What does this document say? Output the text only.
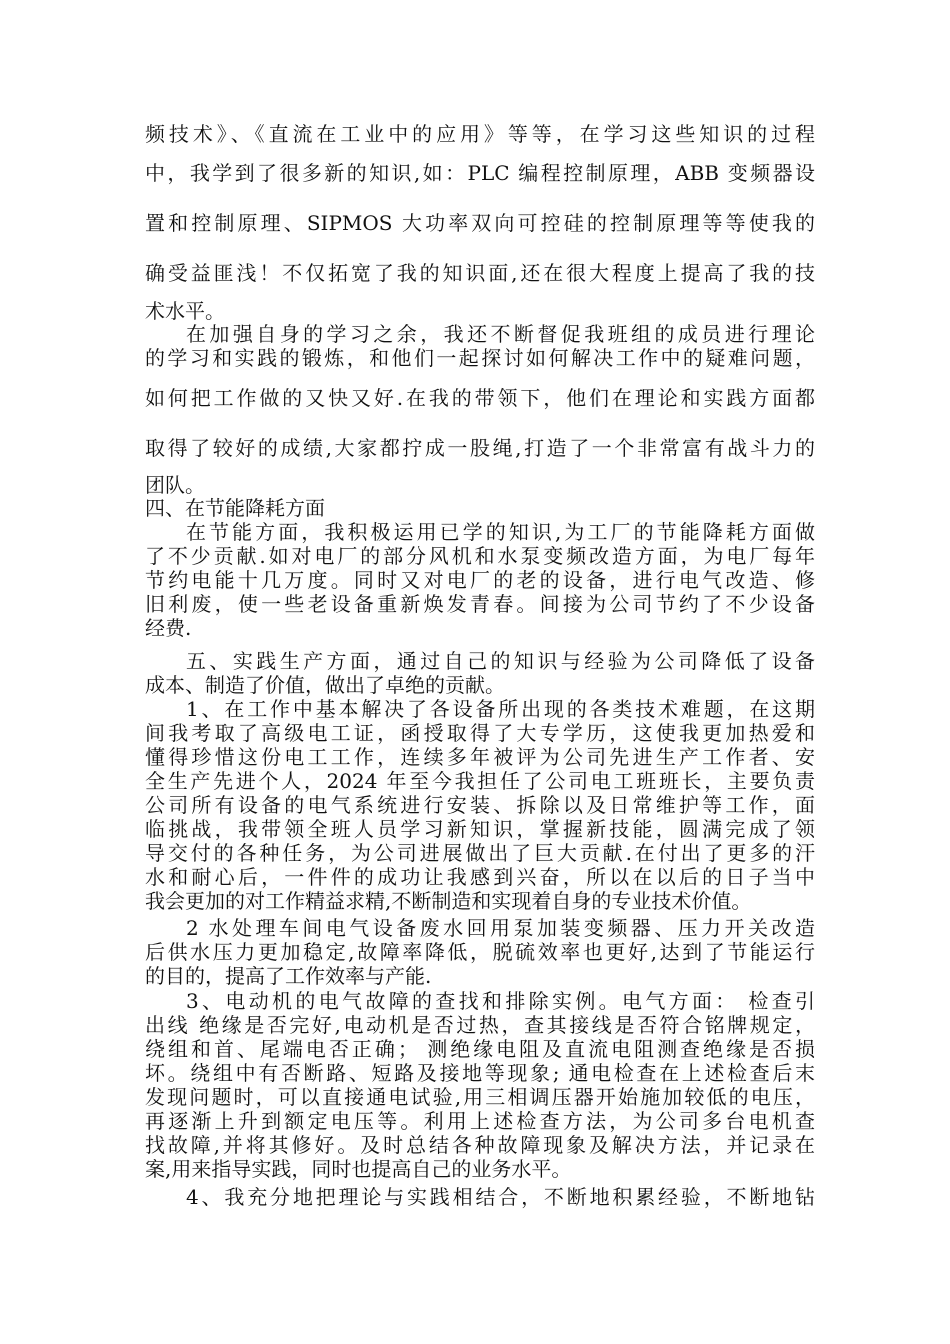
频技术》、《直流在工业中的应用》等等，在学习这些知识的过程
中，我学到了很多新的知识,如：PLC 编程控制原理，ABB 变频器设
置和控制原理、SIPMOS 大功率双向可控硅的控制原理等等使我的
确受益匪浅！不仅拓宽了我的知识面,还在很大程度上提高了我的技
术水平。
在加强自身的学习之余，我还不断督促我班组的成员进行理论
的学习和实践的锻炼，和他们一起探讨如何解决工作中的疑难问题，
如何把工作做的又快又好.在我的带领下，他们在理论和实践方面都
取得了较好的成绩,大家都拧成一股绳,打造了一个非常富有战斗力的
团队。
四、在节能降耗方面
在节能方面，我积极运用已学的知识,为工厂的节能降耗方面做
了不少贡献.如对电厂的部分风机和水泵变频改造方面，为电厂每年
节约电能十几万度。同时又对电厂的老的设备，进行电气改造、修
旧利废，使一些老设备重新焕发青春。间接为公司节约了不少设备
经费.
五、实践生产方面，通过自己的知识与经验为公司降低了设备
成本、制造了价值，做出了卓绝的贡献。
1、在工作中基本解决了各设备所出现的各类技术难题，在这期
间我考取了高级电工证，函授取得了大专学历，这使我更加热爱和
懂得珍惜这份电工工作，连续多年被评为公司先进生产工作者、安
全生产先进个人，2024 年至今我担任了公司电工班班长，主要负责
公司所有设备的电气系统进行安装、拆除以及日常维护等工作，面
临挑战，我带领全班人员学习新知识，掌握新技能，圆满完成了领
导交付的各种任务，为公司进展做出了巨大贡献.在付出了更多的汗
水和耐心后，一件件的成功让我感到兴奋，所以在以后的日子当中
我会更加的对工作精益求精,不断制造和实现着自身的专业技术价值。
2 水处理车间电气设备废水回用泵加装变频器、压力开关改造
后供水压力更加稳定,故障率降低，脱硫效率也更好,达到了节能运行
的目的，提高了工作效率与产能.
3、电动机的电气故障的查找和排除实例。电气方面： 检查引
出线 绝缘是否完好,电动机是否过热，查其接线是否符合铭牌规定，
绕组和首、尾端电否正确； 测绝缘电阻及直流电阻测查绝缘是否损
坏。绕组中有否断路、短路及接地等现象; 通电检查在上述检查后末
发现问题时，可以直接通电试验,用三相调压器开始施加较低的电压，
再逐渐上升到额定电压等。利用上述检查方法，为公司多台电机查
找故障,并将其修好。及时总结各种故障现象及解决方法，并记录在
案,用来指导实践，同时也提高自己的业务水平。
4、我充分地把理论与实践相结合，不断地积累经验，不断地钻
